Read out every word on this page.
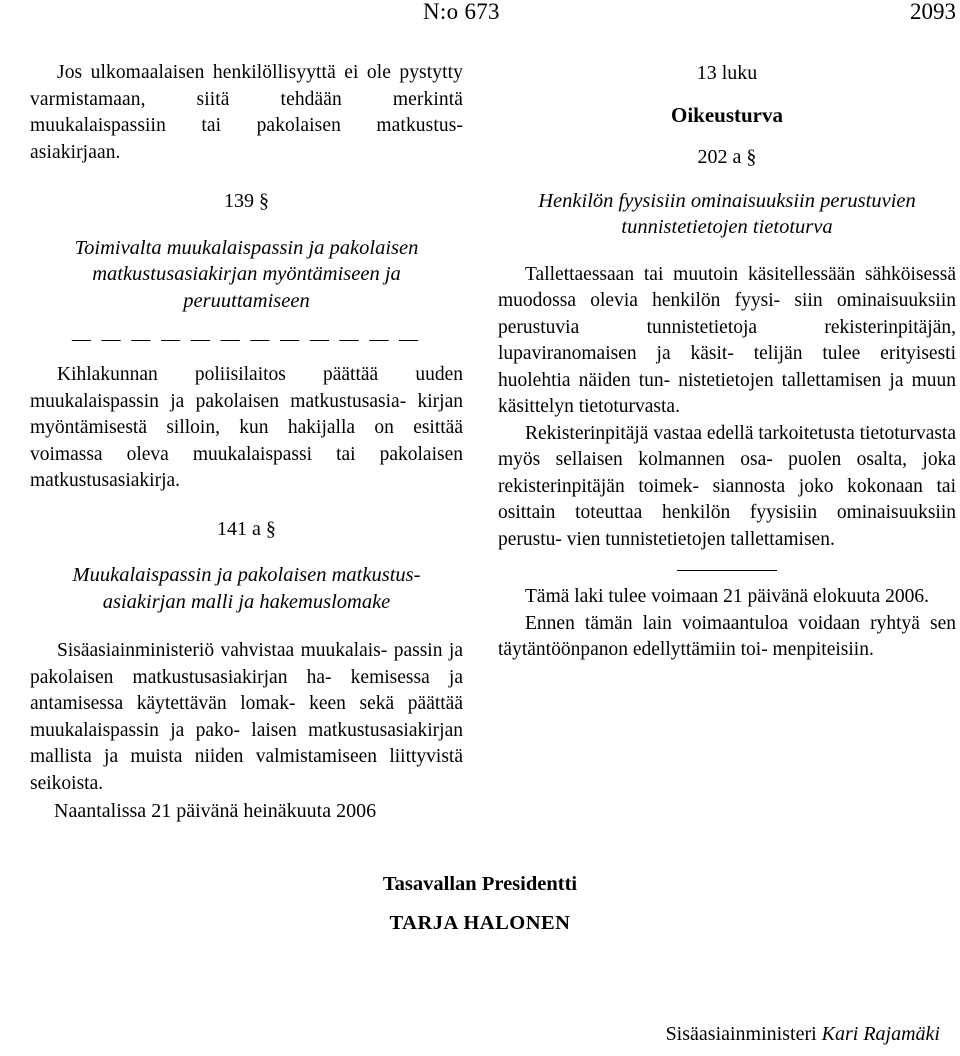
N:o 673	2093

Jos ulkomaalaisen henkilöllisyyttä ei ole pystytty varmistamaan, siitä tehdään merkintä muukalaispassiin tai pakolaisen matkustus- asiakirjaan.

139 §
Toimivalta muukalaispassin ja pakolaisen matkustusasiakirjan myöntämiseen ja peruuttamiseen
— — — — — — — — — — — —

Kihlakunnan poliisilaitos päättää uuden muukalaispassin ja pakolaisen matkustusasia- kirjan myöntämisestä silloin, kun hakijalla on esittää voimassa oleva muukalaispassi tai pakolaisen matkustusasiakirja.

141 a §
Muukalaispassin ja pakolaisen matkustus- asiakirjan malli ja hakemuslomake

Sisäasiainministeriö vahvistaa muukalais- passin ja pakolaisen matkustusasiakirjan ha- kemisessa ja antamisessa käytettävän lomak- keen sekä päättää muukalaispassin ja pako- laisen matkustusasiakirjan mallista ja muista niiden valmistamiseen liittyvistä seikoista.

13 luku
Oikeusturva
202 a §
Henkilön fyysisiin ominaisuuksiin perustuvien tunnistetietojen tietoturva

Tallettaessaan tai muutoin käsitellessään sähköisessä muodossa olevia henkilön fyysi- siin ominaisuuksiin perustuvia tunnistetietoja rekisterinpitäjän, lupaviranomaisen ja käsit- telijän tulee erityisesti huolehtia näiden tun- nistetietojen tallettamisen ja muun käsittelyn tietoturvasta.

Rekisterinpitäjä vastaa edellä tarkoitetusta tietoturvasta myös sellaisen kolmannen osa- puolen osalta, joka rekisterinpitäjän toimek- siannosta joko kokonaan tai osittain toteuttaa henkilön fyysisiin ominaisuuksiin perustu- vien tunnistetietojen tallettamisen.

Tämä laki tulee voimaan 21 päivänä elokuuta 2006.

Ennen tämän lain voimaantuloa voidaan ryhtyä sen täytäntöönpanon edellyttämiin toi- menpiteisiin.

Naantalissa 21 päivänä heinäkuuta 2006
Tasavallan Presidentti
TARJA HALONEN
Sisäasiainministeri Kari Rajamäki
